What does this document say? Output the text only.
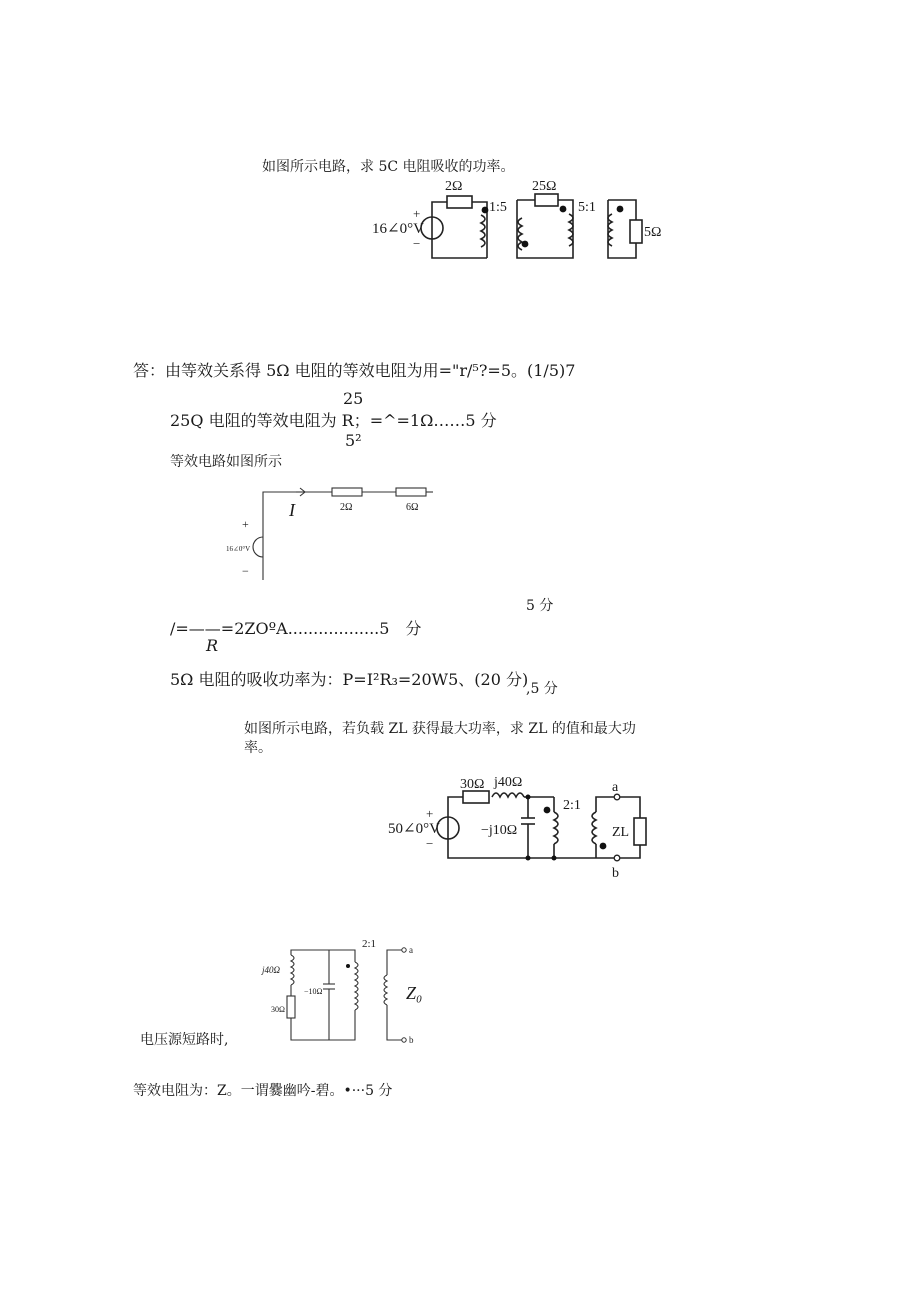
如图所示电路，求 5C 电阻吸收的功率。
2Ω
1:5
16∠0°V
+
−
25Ω
5:1
5Ω
答：由等效关系得 5Ω 电阻的等效电阻为用="r/⁵?=5。(1/5)7
25
25Q 电阻的等效电阻为 R；=^=1Ω……5 分
5²
等效电路如图所示
I	2Ω	6Ω
16∠0°V
+
−
5 分
/=——=2ZOºA..................5　分
R
5Ω 电阻的吸收功率为：P=I²R₃=20W5、(20 分)
,5 分
如图所示电路，若负载 ZL 获得最大功率，求 ZL 的值和最大功
率。
30Ω j40Ω
−j10Ω
2:1
50∠0°V
+
−
a
b
ZL
j40Ω
30Ω
−10Ω
2:1	a
b
Z₀
电压源短路时,
等效电阻为：Z。一谓爨幽吟-碧。•···5 分
